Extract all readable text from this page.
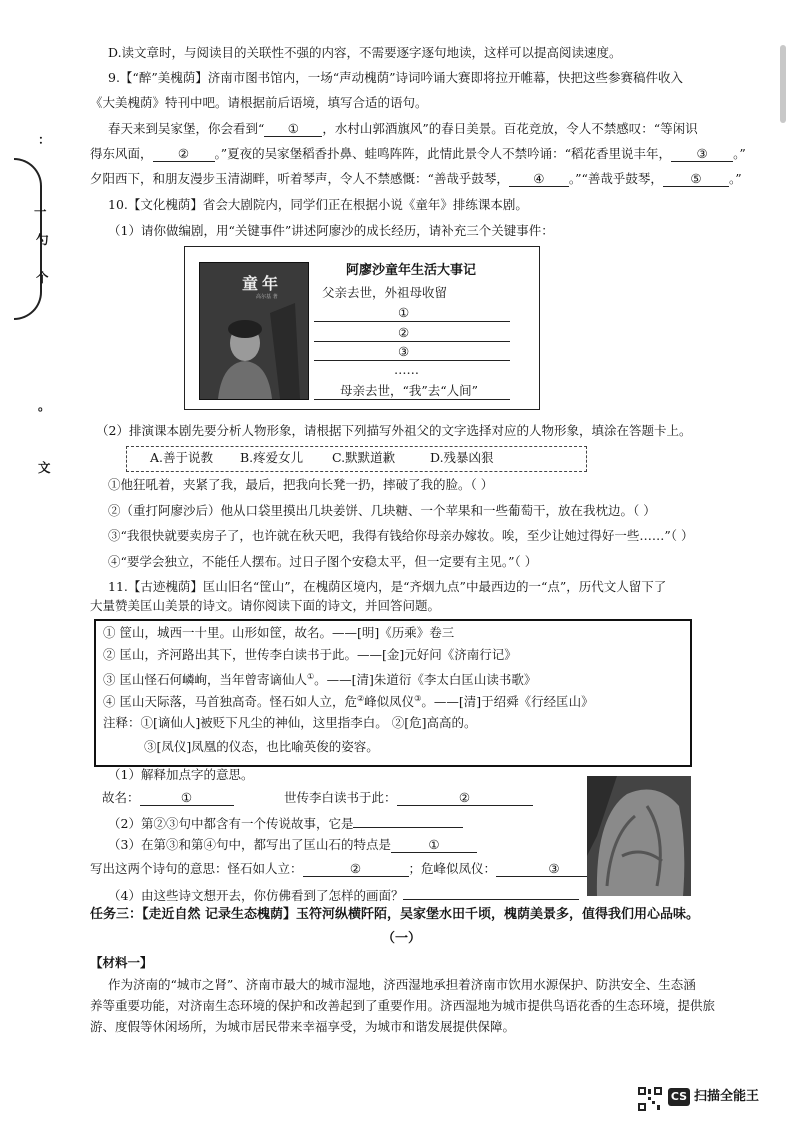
：
一
勺
个
。
文
D.读文章时，与阅读目的关联性不强的内容，不需要逐字逐句地读，这样可以提高阅读速度。
9.【“醉”美槐荫】济南市图书馆内，一场“声动槐荫”诗词吟诵大赛即将拉开帷幕，快把这些参赛稿件收入
《大美槐荫》特刊中吧。请根据前后语境，填写合适的语句。
春天来到吴家堡，你会看到“ ① ，水村山郭酒旗风”的春日美景。百花竞放，令人不禁感叹：“等闲识
得东风面， ② 。”夏夜的吴家堡稻香扑鼻、蛙鸣阵阵，此情此景令人不禁吟诵：“稻花香里说丰年， ③ 。”
夕阳西下，和朋友漫步玉清湖畔，听着琴声，令人不禁感慨：“善哉乎鼓琴， ④ 。”“善哉乎鼓琴， ⑤ 。”
10.【文化槐荫】省会大剧院内，同学们正在根据小说《童年》排练课本剧。
（1）请你做编剧，用“关键事件”讲述阿廖沙的成长经历，请补充三个关键事件：
童年
高尔基 著
阿廖沙童年生活大事记
父亲去世，外祖母收留
①
②
③
……
母亲去世，“我”去“人间”
（2）排演课本剧先要分析人物形象，请根据下列描写外祖父的文字选择对应的人物形象，填涂在答题卡上。
A.善于说教 B.疼爱女儿 C.默默道歉	D.残暴凶狠
①他狂吼着，夹紧了我，最后，把我向长凳一扔，摔破了我的脸。（ ）
②（重打阿廖沙后）他从口袋里摸出几块姜饼、几块糖、一个苹果和一些葡萄干，放在我枕边。（ ）
③“我很快就要卖房子了，也许就在秋天吧，我得有钱给你母亲办嫁妆。唉，至少让她过得好一些……”（ ）
④“要学会独立，不能任人摆布。过日子图个安稳太平，但一定要有主见。”（ ）
11.【古迹槐荫】匡山旧名“筐山”，在槐荫区境内，是“齐烟九点”中最西边的一“点”，历代文人留下了
大量赞美匡山美景的诗文。请你阅读下面的诗文，并回答问题。
① 筐山，城西一十里。山形如筐，故名。——[明]《历乘》卷三
② 匡山，齐河路出其下，世传李白读书于此。——[金]元好问《济南行记》
③ 匡山怪石何嶙峋，当年曾寄谪仙人①。——[清]朱道衍《李太白匡山读书歌》
④ 匡山天际落，马首独高奇。怪石如人立，危②峰似凤仪③。——[清]于绍舜《行经匡山》
注释：①[谪仙人]被贬下凡尘的神仙，这里指李白。 ②[危]高高的。
③[凤仪]凤凰的仪态，也比喻英俊的姿容。
（1）解释加点字的意思。
故名：	①	世传李白读书于此：	②
（2）第②③句中都含有一个传说故事，它是
（3）在第③和第④句中，都写出了匡山石的特点是	①
写出这两个诗句的意思：怪石如人立：	②	；危峰似凤仪：	③
（4）由这些诗文想开去，你仿佛看到了怎样的画面？
任务三：【走近自然 记录生态槐荫】玉符河纵横阡陌，吴家堡水田千顷，槐荫美景多，值得我们用心品味。
（一）
【材料一】
作为济南的“城市之肾”、济南市最大的城市湿地，济西湿地承担着济南市饮用水源保护、防洪安全、生态涵
养等重要功能，对济南生态环境的保护和改善起到了重要作用。济西湿地为城市提供鸟语花香的生态环境，提供旅
游、度假等休闲场所，为城市居民带来幸福享受，为城市和谐发展提供保障。
CS 扫描全能王
